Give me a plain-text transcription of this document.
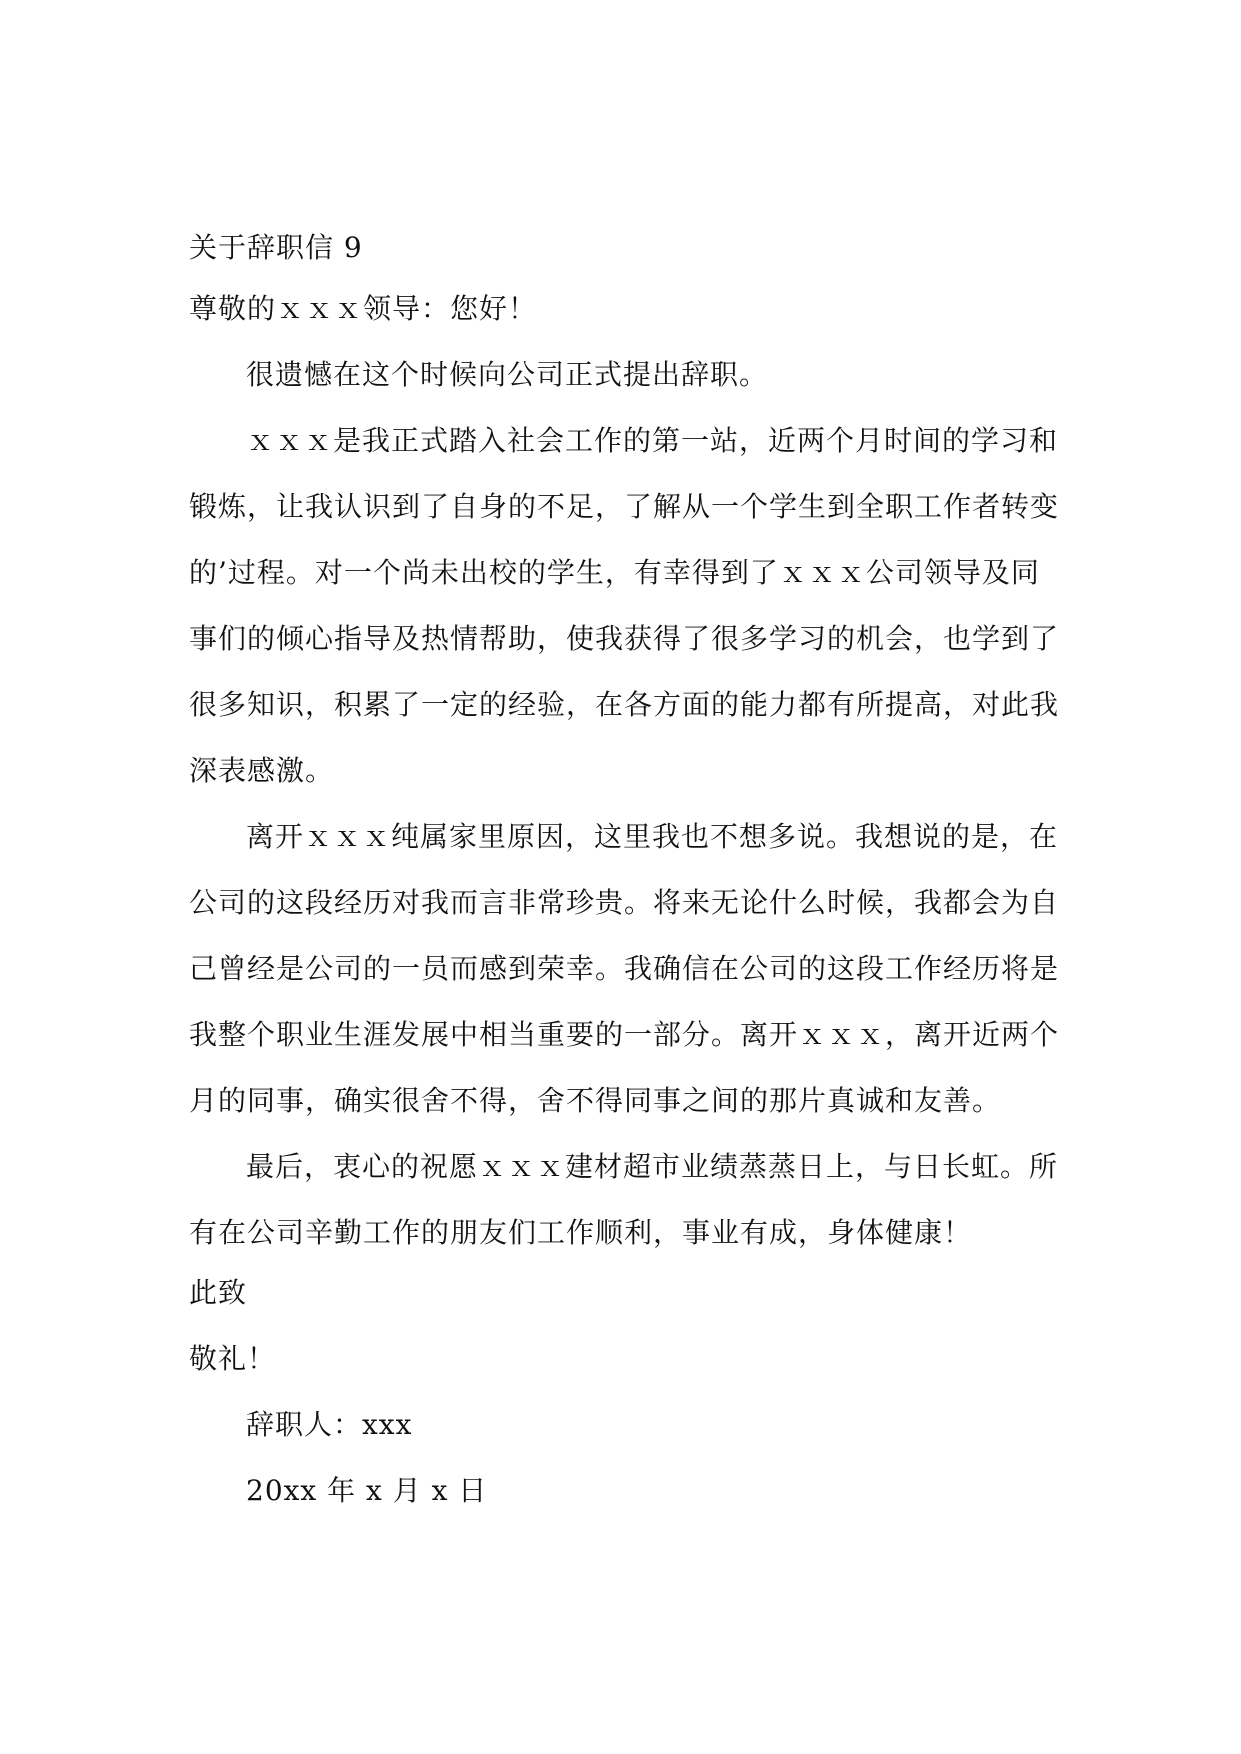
关于辞职信 9
尊敬的ｘｘｘ领导：您好！
很遗憾在这个时候向公司正式提出辞职。
ｘｘｘ是我正式踏入社会工作的第一站，近两个月时间的学习和
锻炼，让我认识到了自身的不足，了解从一个学生到全职工作者转变
的’过程。对一个尚未出校的学生，有幸得到了ｘｘｘ公司领导及同
事们的倾心指导及热情帮助，使我获得了很多学习的机会，也学到了
很多知识，积累了一定的经验，在各方面的能力都有所提高，对此我
深表感激。
离开ｘｘｘ纯属家里原因，这里我也不想多说。我想说的是，在
公司的这段经历对我而言非常珍贵。将来无论什么时候，我都会为自
己曾经是公司的一员而感到荣幸。我确信在公司的这段工作经历将是
我整个职业生涯发展中相当重要的一部分。离开ｘｘｘ，离开近两个
月的同事，确实很舍不得，舍不得同事之间的那片真诚和友善。
最后，衷心的祝愿ｘｘｘ建材超市业绩蒸蒸日上，与日长虹。所
有在公司辛勤工作的朋友们工作顺利，事业有成，身体健康！
此致
敬礼！
辞职人：xxx
20xx 年 x 月 x 日
